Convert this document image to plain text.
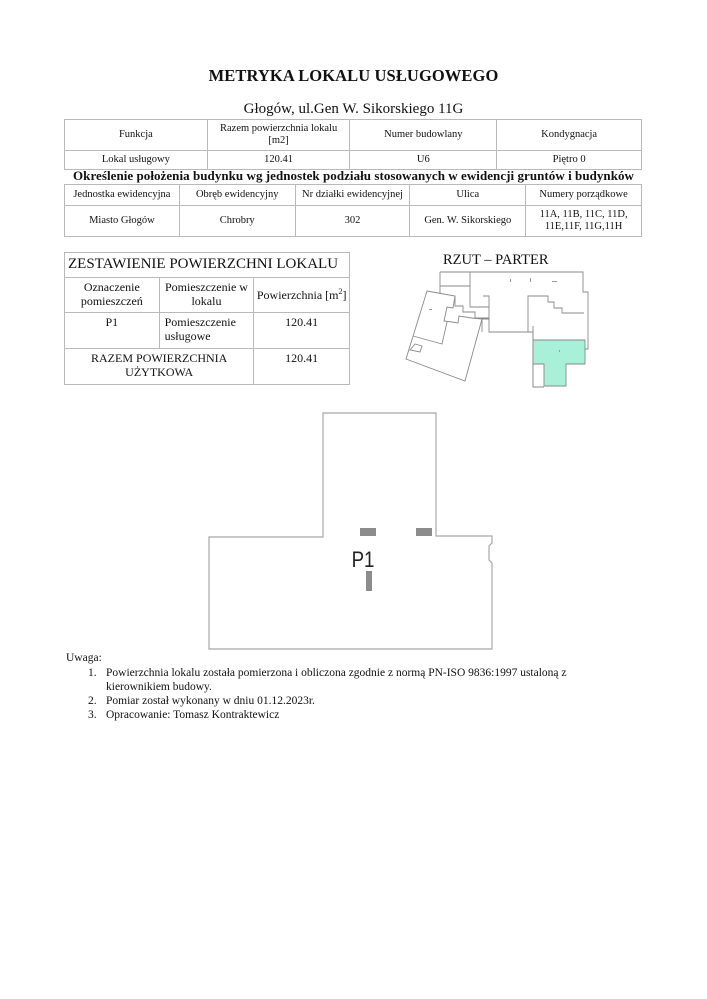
METRYKA LOKALU USŁUGOWEGO
Głogów, ul.Gen W. Sikorskiego 11G
Funkcja	Razem powierzchnia lokalu [m2]	Numer budowlany	Kondygnacja
Lokal usługowy	120.41	U6	Piętro 0
Określenie położenia budynku wg jednostek podziału stosowanych w ewidencji gruntów i budynków
Jednostka ewidencyjna	Obręb ewidencyjny	Nr działki ewidencyjnej	Ulica	Numery porządkowe
Miasto Głogów	Chrobry	302	Gen. W. Sikorskiego	11A, 11B, 11C, 11D, 11E,11F, 11G,11H
ZESTAWIENIE POWIERZCHNI LOKALU		
Oznaczenie pomieszczeń	Pomieszczenie w lokalu	Powierzchnia $[m^2]$
P1	Pomieszczenie usługowe	120.41
RAZEM POWIERZCHNIA UŻYTKOWA		120.41
RZUT – PARTER
P1
Uwaga:
1. Powierzchnia lokalu została pomierzona i obliczona zgodnie z normą PN-ISO 9836:1997 ustaloną z kierownikiem budowy.
2. Pomiar został wykonany w dniu 01.12.2023r.
3. Opracowanie: Tomasz Kontraktewicz
